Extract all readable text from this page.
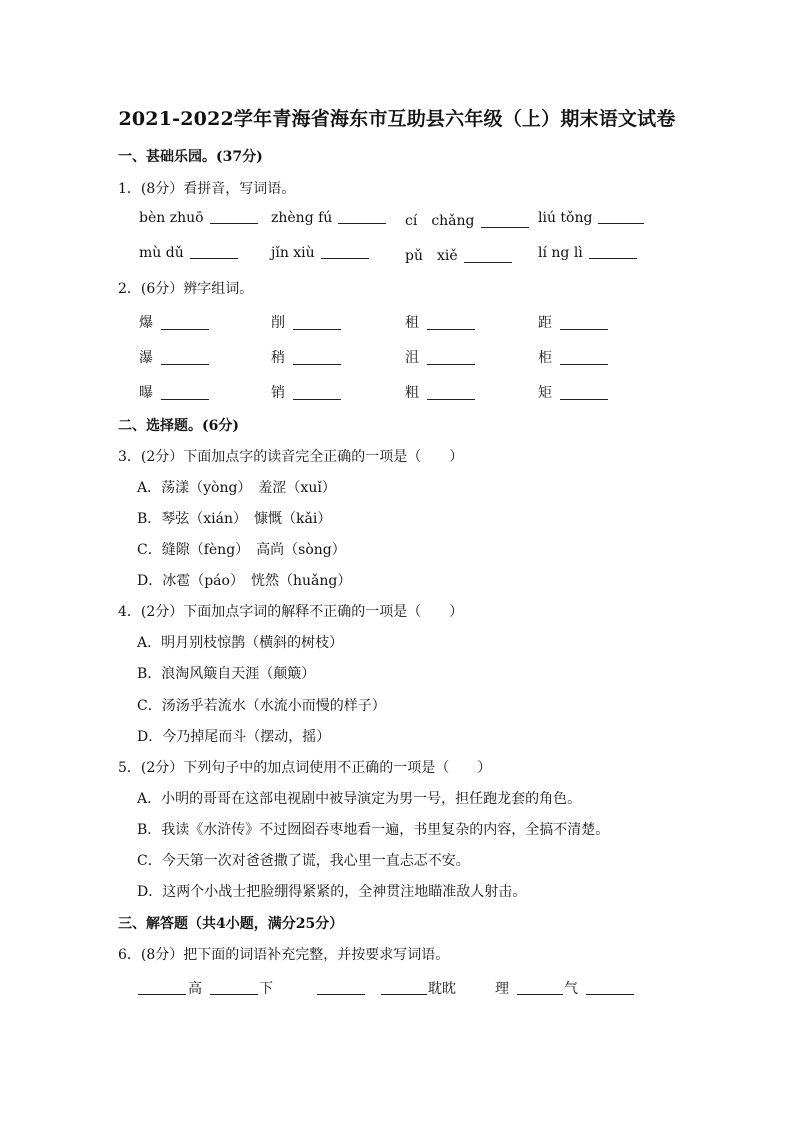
2021-2022学年青海省海东市互助县六年级（上）期末语文试卷
一、甚础乐园。(37分)
1．(8分）看拼音，写词语。
bèn zhuō	zhèng fú	cí　chǎng	liú tǒng
mù dǔ	jǐn xiù	pǔ　xiě	lí ng lì
2．(6分）辨字组词。
爆	削	租	距
瀑	稍	沮	柜
曝	销	粗	矩
二、选择题。(6分)
3．(2分）下面加点字的读音完全正确的一项是（　　）
A．荡漾（yòng）　羞涩（xuǐ）
B．琴弦（xián）　慷慨（kǎi）
C．缝隙（fèng）　高尚（sòng）
D．冰雹（páo）　恍然（huǎng）
4．(2分）下面加点字词的解释不正确的一项是（　　）
A．明月别枝惊鹊（横斜的树枝）
B．浪淘风簸自天涯（颠簸）
C．汤汤乎若流水（水流小而慢的样子）
D．今乃掉尾而斗（摆动，摇）
5．(2分）下列句子中的加点词使用不正确的一项是（　　）
A．小明的哥哥在这部电视剧中被导演定为男一号，担任跑龙套的角色。
B．我读《水浒传》不过囫囵吞枣地看一遍，书里复杂的内容，全搞不清楚。
C．今天第一次对爸爸撒了谎，我心里一直忐忑不安。
D．这两个小战士把脸绷得紧紧的，全神贯注地瞄准敌人射击。
三、解答题（共4小题，满分25分）
6．(8分）把下面的词语补充完整，并按要求写词语。
高	下	耽眈	理	气
